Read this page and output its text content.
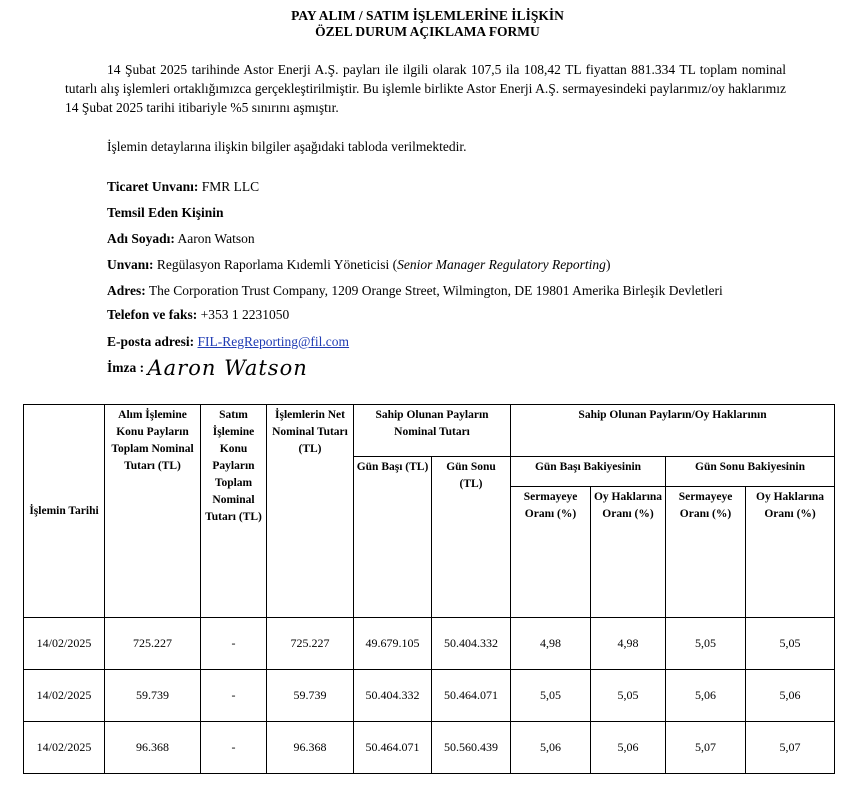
PAY ALIM / SATIM İŞLEMLERİNE İLİŞKİN
ÖZEL DURUM AÇIKLAMA FORMU
14 Şubat 2025 tarihinde Astor Enerji A.Ş. payları ile ilgili olarak 107,5 ila 108,42 TL fiyattan 881.334 TL toplam nominal tutarlı alış işlemleri ortaklığımızca gerçekleştirilmiştir. Bu işlemle birlikte Astor Enerji A.Ş. sermayesindeki paylarımız/oy haklarımız 14 Şubat 2025 tarihi itibariyle %5 sınırını aşmıştır.
İşlemin detaylarına ilişkin bilgiler aşağıdaki tabloda verilmektedir.
Ticaret Unvanı: FMR LLC
Temsil Eden Kişinin
Adı Soyadı: Aaron Watson
Unvanı: Regülasyon Raporlama Kıdemli Yöneticisi (Senior Manager Regulatory Reporting)
Adres: The Corporation Trust Company, 1209 Orange Street, Wilmington, DE 19801 Amerika Birleşik Devletleri
Telefon ve faks: +353 1 2231050
E-posta adresi: FIL-RegReporting@fil.com
İmza : Aaron Watson
İşlemin Tarihi	Alım İşlemine Konu Payların Toplam Nominal Tutarı (TL)	Satım İşlemine Konu Payların Toplam Nominal Tutarı (TL)	İşlemlerin Net Nominal Tutarı (TL)	Sahip Olunan Payların Nominal Tutarı		Sahip Olunan Payların/Oy Haklarının			
				Gün Başı (TL)	Gün Sonu (TL)	Gün Başı Bakiyesinin		Gün Sonu Bakiyesinin	
						Sermayeye Oranı (%)	Oy Haklarına Oranı (%)	Sermayeye Oranı (%)	Oy Haklarına Oranı (%)
14/02/2025	725.227	-	725.227	49.679.105	50.404.332	4,98	4,98	5,05	5,05
14/02/2025	59.739	-	59.739	50.404.332	50.464.071	5,05	5,05	5,06	5,06
14/02/2025	96.368	-	96.368	50.464.071	50.560.439	5,06	5,06	5,07	5,07
